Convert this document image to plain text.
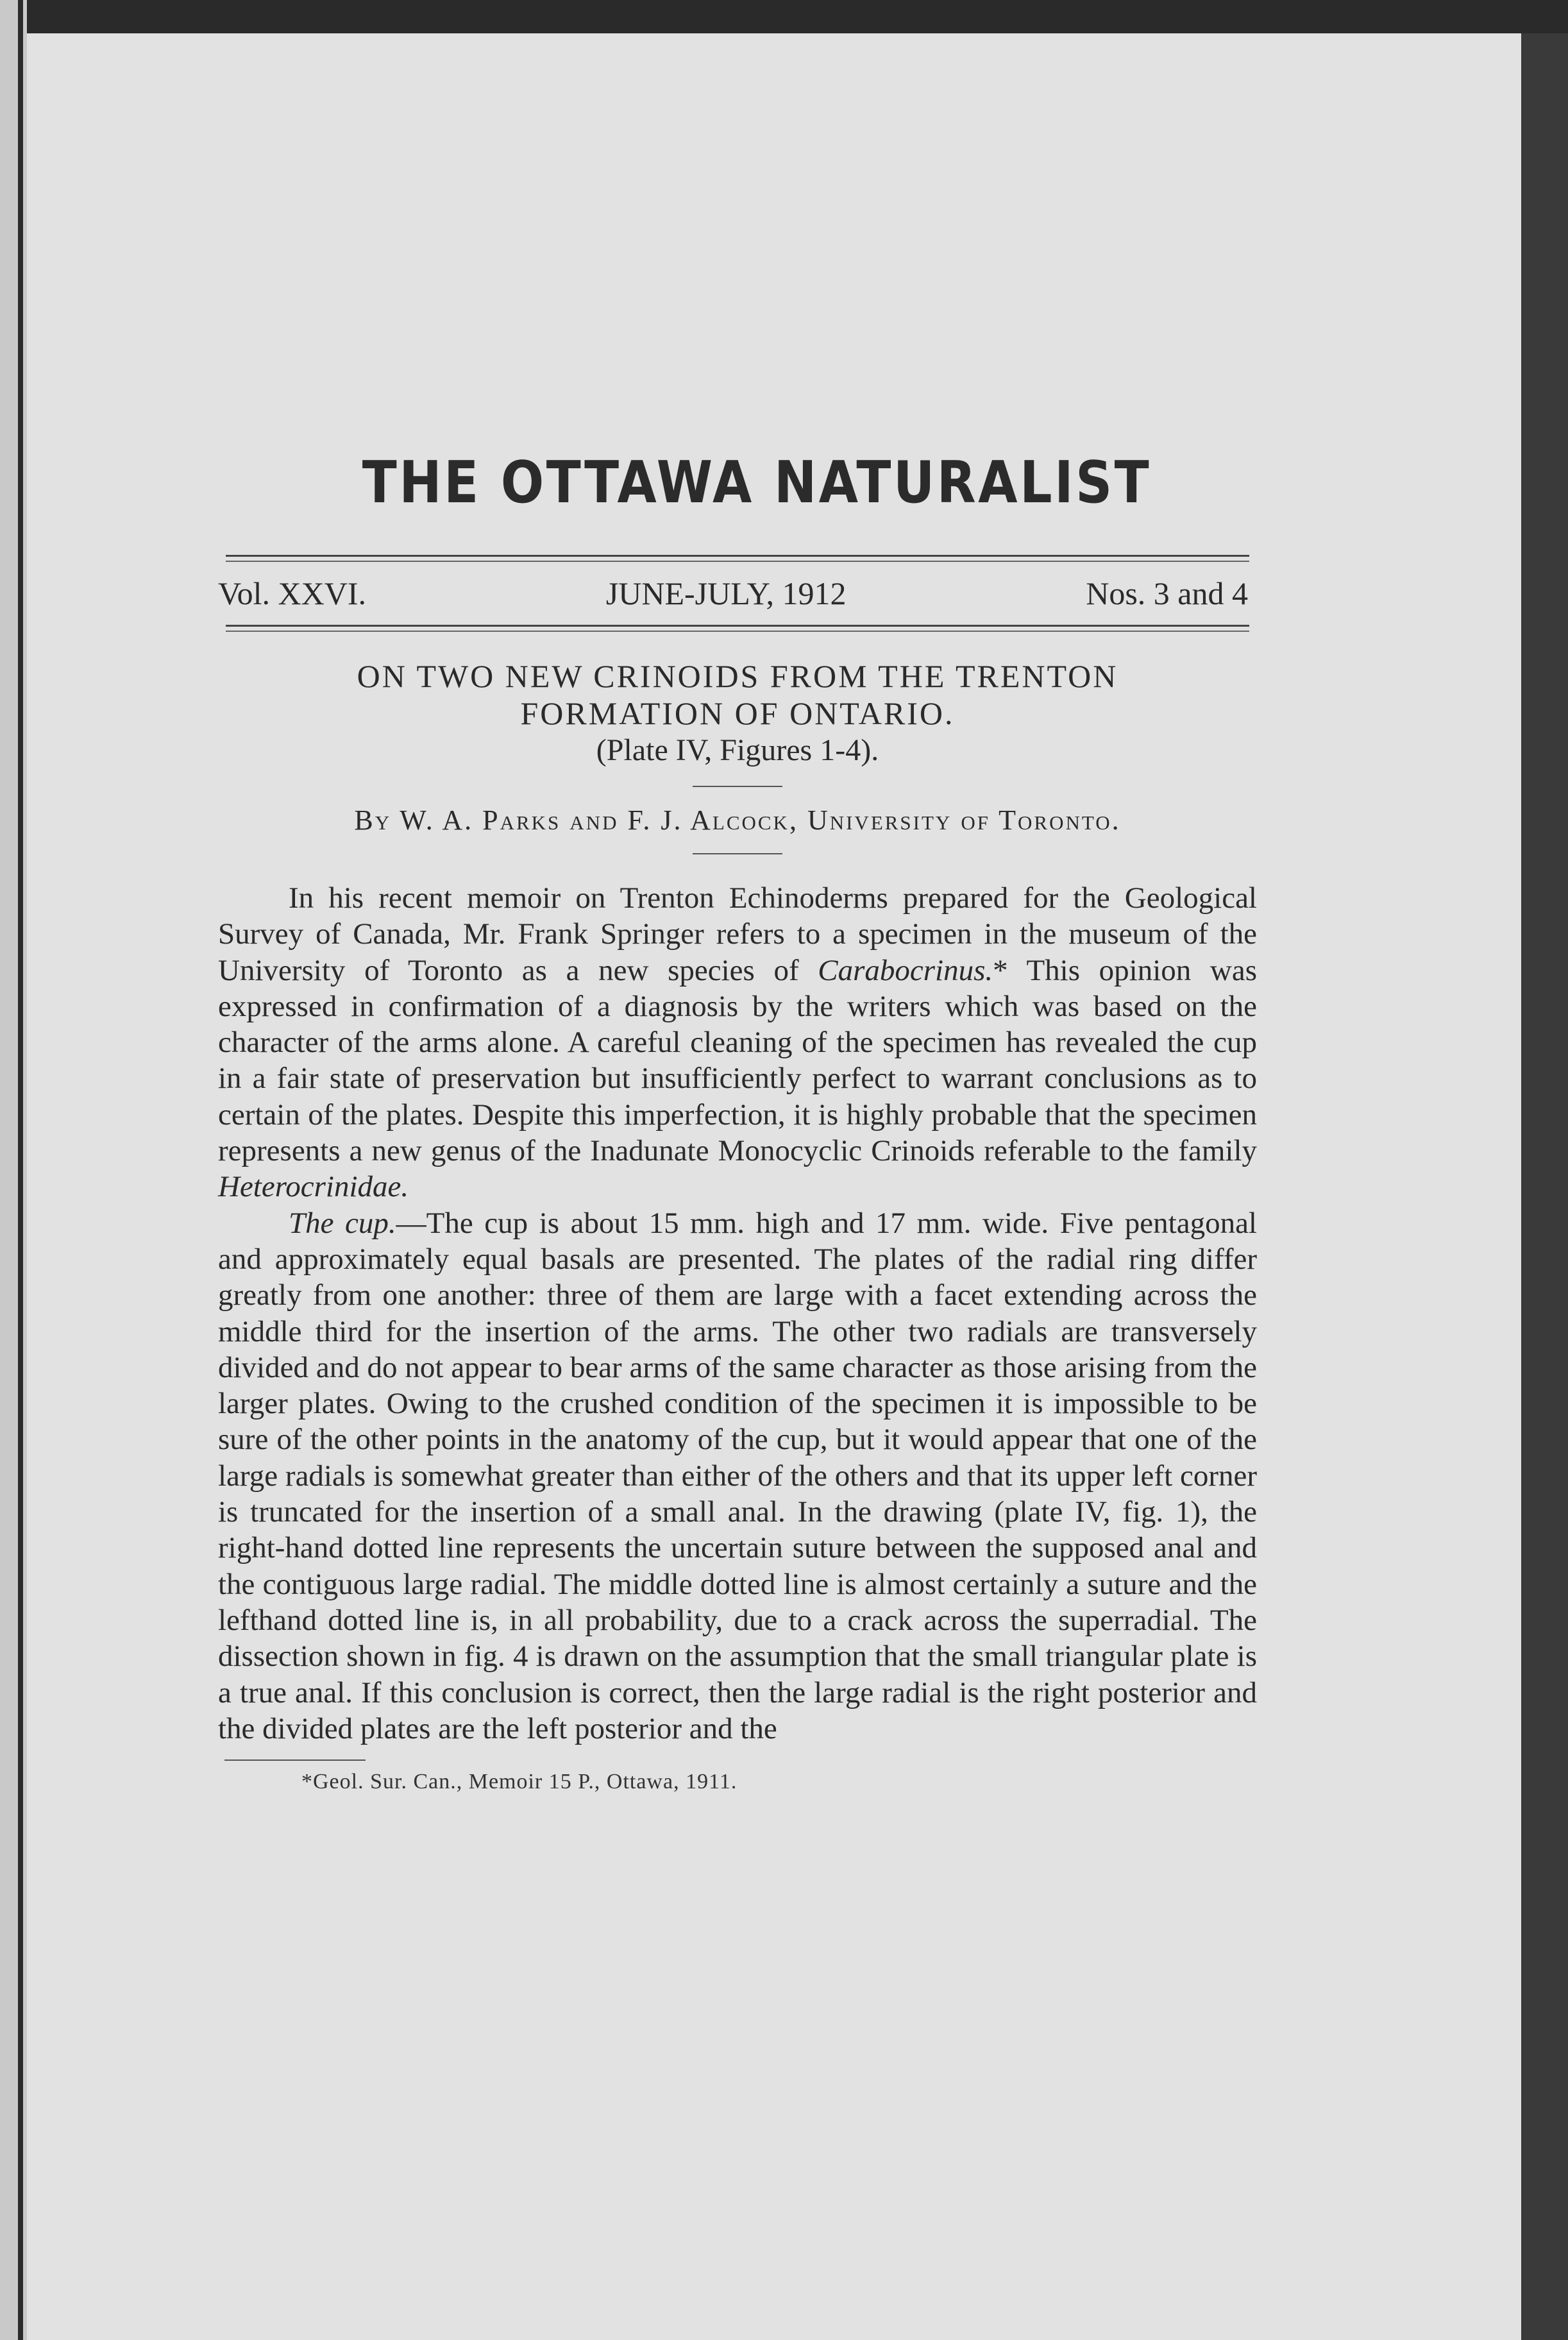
THE OTTAWA NATURALIST
Vol. XXVI.	JUNE-JULY, 1912	Nos. 3 and 4
ON TWO NEW CRINOIDS FROM THE TRENTON
FORMATION OF ONTARIO.
(Plate IV, Figures 1-4).
By W. A. Parks and F. J. Alcock, University of Toronto.

In his recent memoir on Trenton Echinoderms prepared for the Geological Survey of Canada, Mr. Frank Springer refers to a specimen in the museum of the University of Toronto as a new species of Carabocrinus.* This opinion was expressed in confirmation of a diagnosis by the writers which was based on the character of the arms alone. A careful cleaning of the specimen has revealed the cup in a fair state of preservation but insufficiently perfect to warrant conclusions as to certain of the plates. Despite this imperfection, it is highly probable that the specimen represents a new genus of the Inadunate Monocyclic Crinoids referable to the family Heterocrinidae.

The cup.—The cup is about 15 mm. high and 17 mm. wide. Five pentagonal and approximately equal basals are presented. The plates of the radial ring differ greatly from one another: three of them are large with a facet extending across the middle third for the insertion of the arms. The other two radials are transversely divided and do not appear to bear arms of the same character as those arising from the larger plates. Owing to the crushed condition of the specimen it is impossible to be sure of the other points in the anatomy of the cup, but it would appear that one of the large radials is somewhat greater than either of the others and that its upper left corner is truncated for the insertion of a small anal. In the drawing (plate IV, fig. 1), the right-hand dotted line represents the uncertain suture between the supposed anal and the contiguous large radial. The middle dotted line is almost certainly a suture and the lefthand dotted line is, in all probability, due to a crack across the superradial. The dissection shown in fig. 4 is drawn on the assumption that the small triangular plate is a true anal. If this conclusion is correct, then the large radial is the right posterior and the divided plates are the left posterior and the

*Geol. Sur. Can., Memoir 15 P., Ottawa, 1911.
